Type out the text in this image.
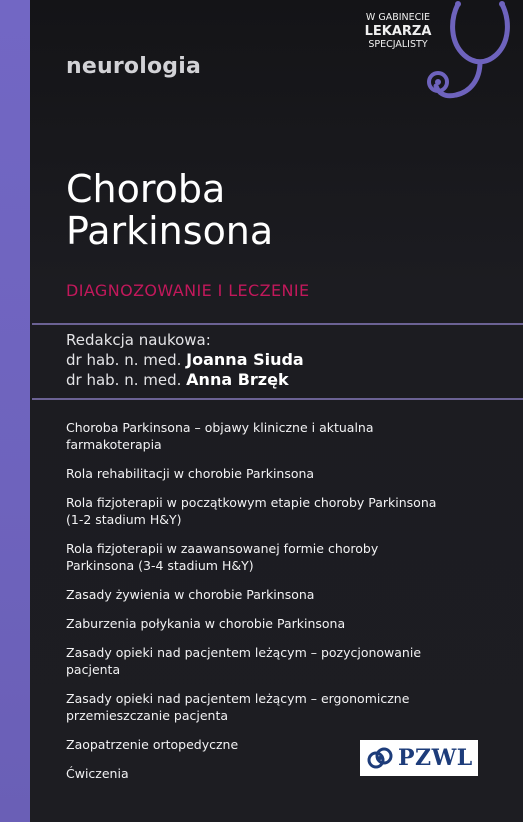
neurologia
W GABINECIE
LEKARZA
SPECJALISTY
Choroba
Parkinsona
DIAGNOZOWANIE I LECZENIE
Redakcja naukowa:
dr hab. n. med. Joanna Siuda
dr hab. n. med. Anna Brzęk
Choroba Parkinsona – objawy kliniczne i aktualna farmakoterapia
Rola rehabilitacji w chorobie Parkinsona
Rola fizjoterapii w początkowym etapie choroby Parkinsona (1-2 stadium H&Y)
Rola fizjoterapii w zaawansowanej formie choroby Parkinsona (3-4 stadium H&Y)
Zasady żywienia w chorobie Parkinsona
Zaburzenia połykania w chorobie Parkinsona
Zasady opieki nad pacjentem leżącym – pozycjonowanie pacjenta
Zasady opieki nad pacjentem leżącym – ergonomiczne przemieszczanie pacjenta
Zaopatrzenie ortopedyczne
Ćwiczenia
PZWL
